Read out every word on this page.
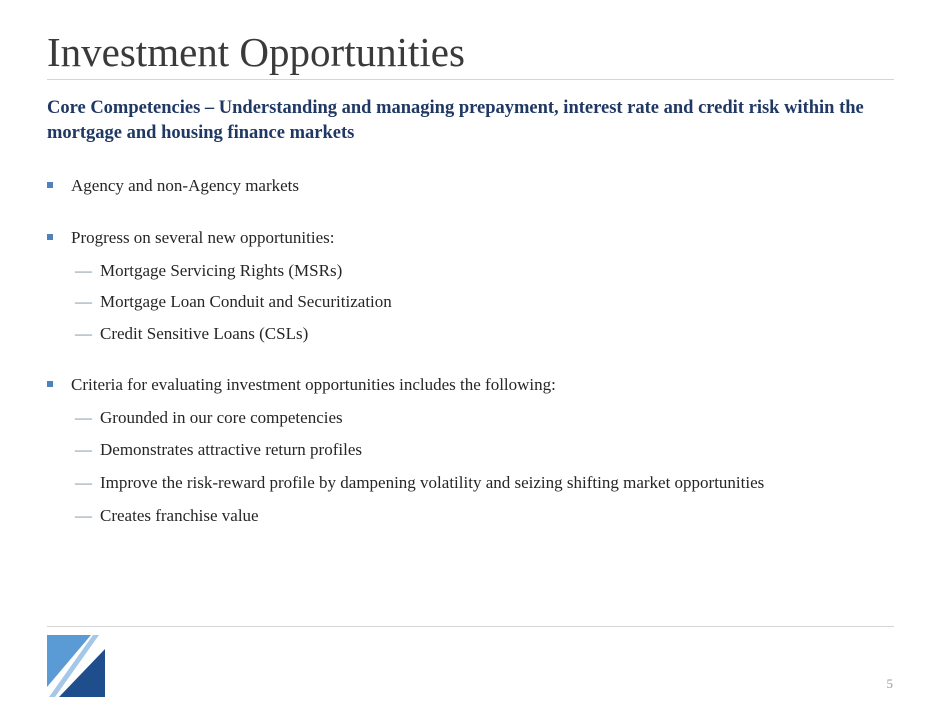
Investment Opportunities
Core Competencies – Understanding and managing prepayment, interest rate and credit risk within the mortgage and housing finance markets
Agency and non-Agency markets
Progress on several new opportunities:
— Mortgage Servicing Rights (MSRs)
— Mortgage Loan Conduit and Securitization
— Credit Sensitive Loans (CSLs)
Criteria for evaluating investment opportunities includes the following:
— Grounded in our core competencies
— Demonstrates attractive return profiles
— Improve the risk-reward profile by dampening volatility and seizing shifting market opportunities
— Creates franchise value
5
